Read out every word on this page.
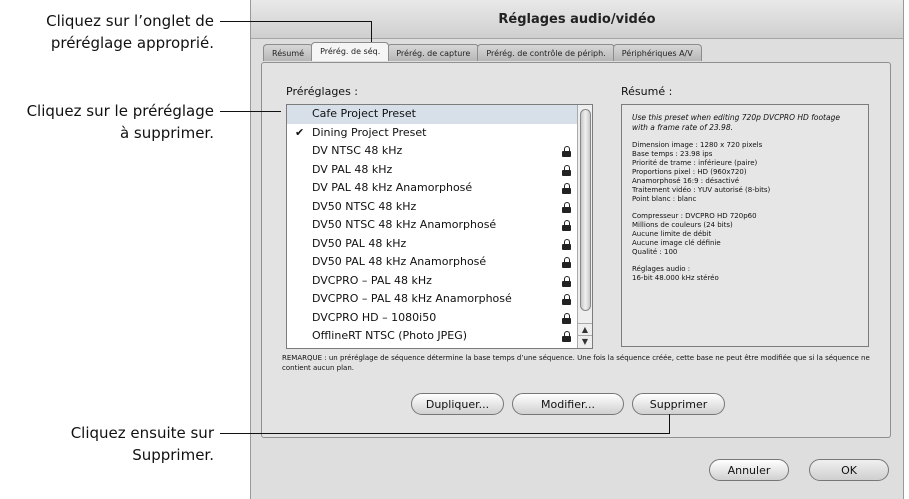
Cliquez sur l’onglet de
préréglage approprié.
Cliquez sur le préréglage
à supprimer.
Cliquez ensuite sur
Supprimer.
Réglages audio/vidéo
Résumé	Prérég. de séq.	Prérég. de capture	Prérég. de contrôle de périph.	Périphériques A/V
Préréglages :	Résumé :
Cafe Project Preset
✔ Dining Project Preset
DV NTSC 48 kHz
DV PAL 48 kHz
DV PAL 48 kHz Anamorphosé
DV50 NTSC 48 kHz
DV50 NTSC 48 kHz Anamorphosé
DV50 PAL 48 kHz
DV50 PAL 48 kHz Anamorphosé
DVCPRO – PAL 48 kHz
DVCPRO – PAL 48 kHz Anamorphosé
DVCPRO HD – 1080i50
OfflineRT NTSC (Photo JPEG)	▲
▼
Use this preset when editing 720p DVCPRO HD footage with a frame rate of 23.98.
Dimension image : 1280 x 720 pixels
Base temps : 23.98 ips
Priorité de trame : inférieure (paire)
Proportions pixel : HD (960x720)
Anamorphosé 16:9 : désactivé
Traitement vidéo : YUV autorisé (8-bits)
Point blanc : blanc
Compresseur : DVCPRO HD 720p60
Millions de couleurs (24 bits)
Aucune limite de débit
Aucune image clé définie
Qualité : 100
Réglages audio :
16-bit 48.000 kHz stéréo
REMARQUE : un préréglage de séquence détermine la base temps d’une séquence. Une fois la séquence créée, cette base ne peut être modifiée que si la séquence ne contient aucun plan.
Dupliquer...	Modifier...	Supprimer
Annuler	OK
